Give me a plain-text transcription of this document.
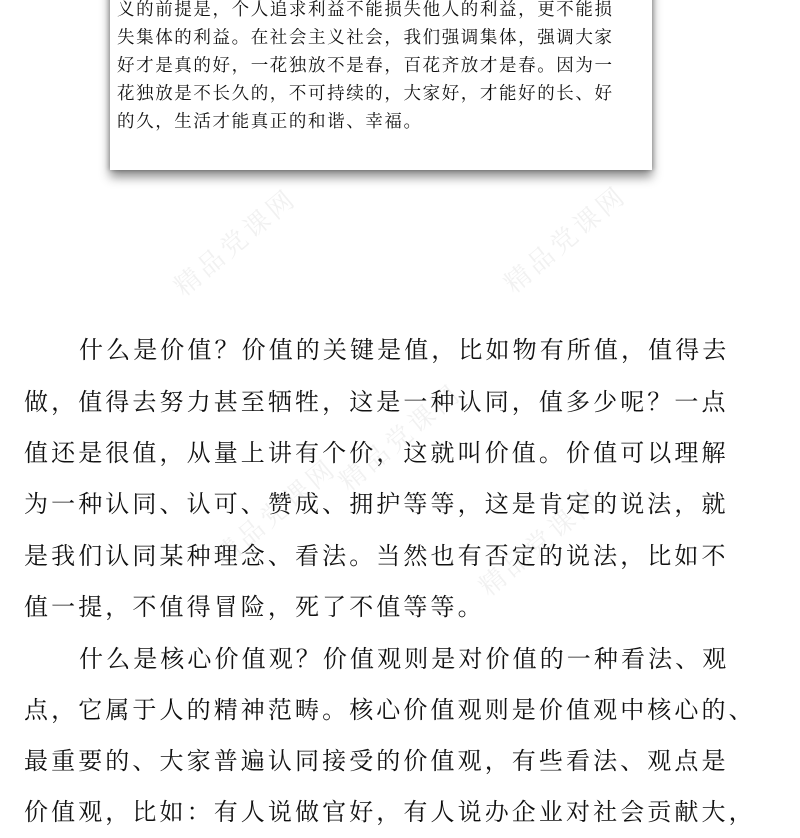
义的前提是，个人追求利益不能损失他人的利益，更不能损
失集体的利益。在社会主义社会，我们强调集体，强调大家
好才是真的好，一花独放不是春，百花齐放才是春。因为一
花独放是不长久的，不可持续的，大家好，才能好的长、好
的久，生活才能真正的和谐、幸福。
什么是价值？价值的关键是值，比如物有所值，值得去
做，值得去努力甚至牺牲，这是一种认同，值多少呢？一点
值还是很值，从量上讲有个价，这就叫价值。价值可以理解
为一种认同、认可、赞成、拥护等等，这是肯定的说法，就
是我们认同某种理念、看法。当然也有否定的说法，比如不
值一提，不值得冒险，死了不值等等。
什么是核心价值观？价值观则是对价值的一种看法、观
点，它属于人的精神范畴。核心价值观则是价值观中核心的、
最重要的、大家普遍认同接受的价值观，有些看法、观点是
价值观，比如：有人说做官好，有人说办企业对社会贡献大，
精品党课网	精品党课网
精品党课网
精品党课网
精品党课网
